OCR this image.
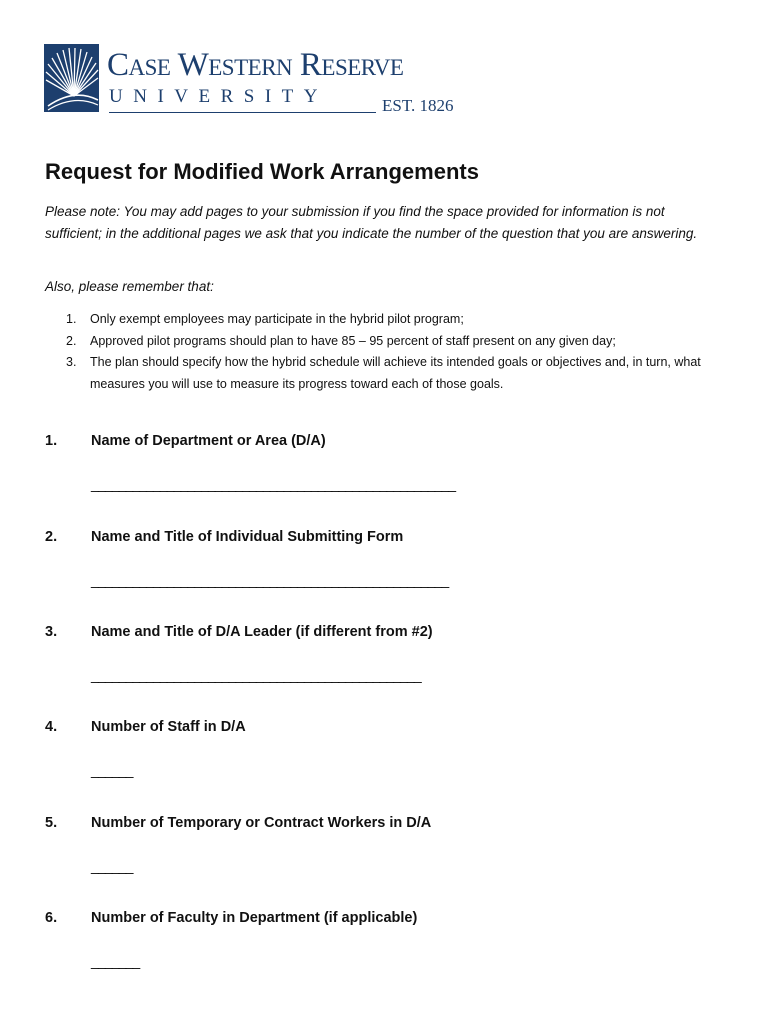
Case Western Reserve
UNIVERSITY	EST. 1826
Request for Modified Work Arrangements

Please note: You may add pages to your submission if you find the space provided for information is not sufficient; in the additional pages we ask that you indicate the number of the question that you are answering.

Also, please remember that:

1. Only exempt employees may participate in the hybrid pilot program;
2. Approved pilot programs should plan to have 85 – 95 percent of staff present on any given day;
3. The plan should specify how the hybrid schedule will achieve its intended goals or objectives and, in turn, what measures you will use to measure its progress toward each of those goals.
1. Name of Department or Area (D/A)
_____________________________________________________
2. Name and Title of Individual Submitting Form
____________________________________________________
3. Name and Title of D/A Leader (if different from #2)
________________________________________________
4. Number of Staff in D/A
______
5. Number of Temporary or Contract Workers in D/A
______
6. Number of Faculty in Department (if applicable)
_______
